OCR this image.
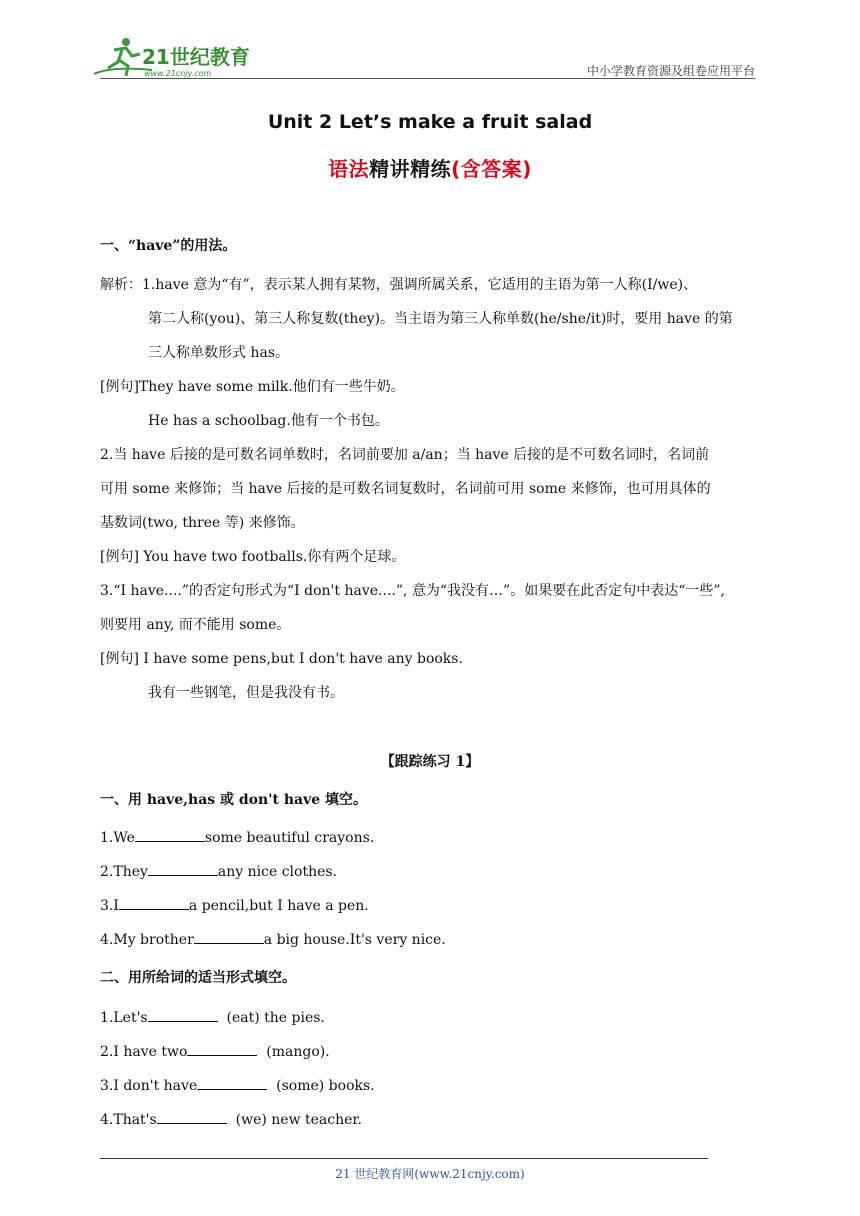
21世纪教育
www.21cnjy.com	中小学教育资源及组卷应用平台
Unit 2 Let’s make a fruit salad
语法精讲精练(含答案)
一、“have”的用法。
解析：1.have 意为“有”，表示某人拥有某物，强调所属关系，它适用的主语为第一人称(I/we)、
第二人称(you)、第三人称复数(they)。当主语为第三人称单数(he/she/it)时，要用 have 的第
三人称单数形式 has。
[例句]They have some milk.他们有一些牛奶。
He has a schoolbag.他有一个书包。
2.当 have 后接的是可数名词单数时，名词前要加 a/an；当 have 后接的是不可数名词时，名词前
可用 some 来修饰；当 have 后接的是可数名词复数时，名词前可用 some 来修饰，也可用具体的
基数词(two, three 等) 来修饰。
[例句] You have two footballs.你有两个足球。
3.“I have....”的否定句形式为“I don't have....”, 意为“我没有…”。如果要在此否定句中表达“一些”,
则要用 any, 而不能用 some。
[例句] I have some pens,but I don't have any books.
我有一些钢笔，但是我没有书。
【跟踪练习 1】
一、用 have,has 或 don't have 填空。
1.We	some beautiful crayons.
2.They	any nice clothes.
3.I	a pencil,but I have a pen.
4.My brother	a big house.It's very nice.
二、用所给词的适当形式填空。
1.Let's	(eat) the pies.
2.I have two	(mango).
3.I don't have	(some) books.
4.That's	(we) new teacher.
21 世纪教育网(www.21cnjy.com)
